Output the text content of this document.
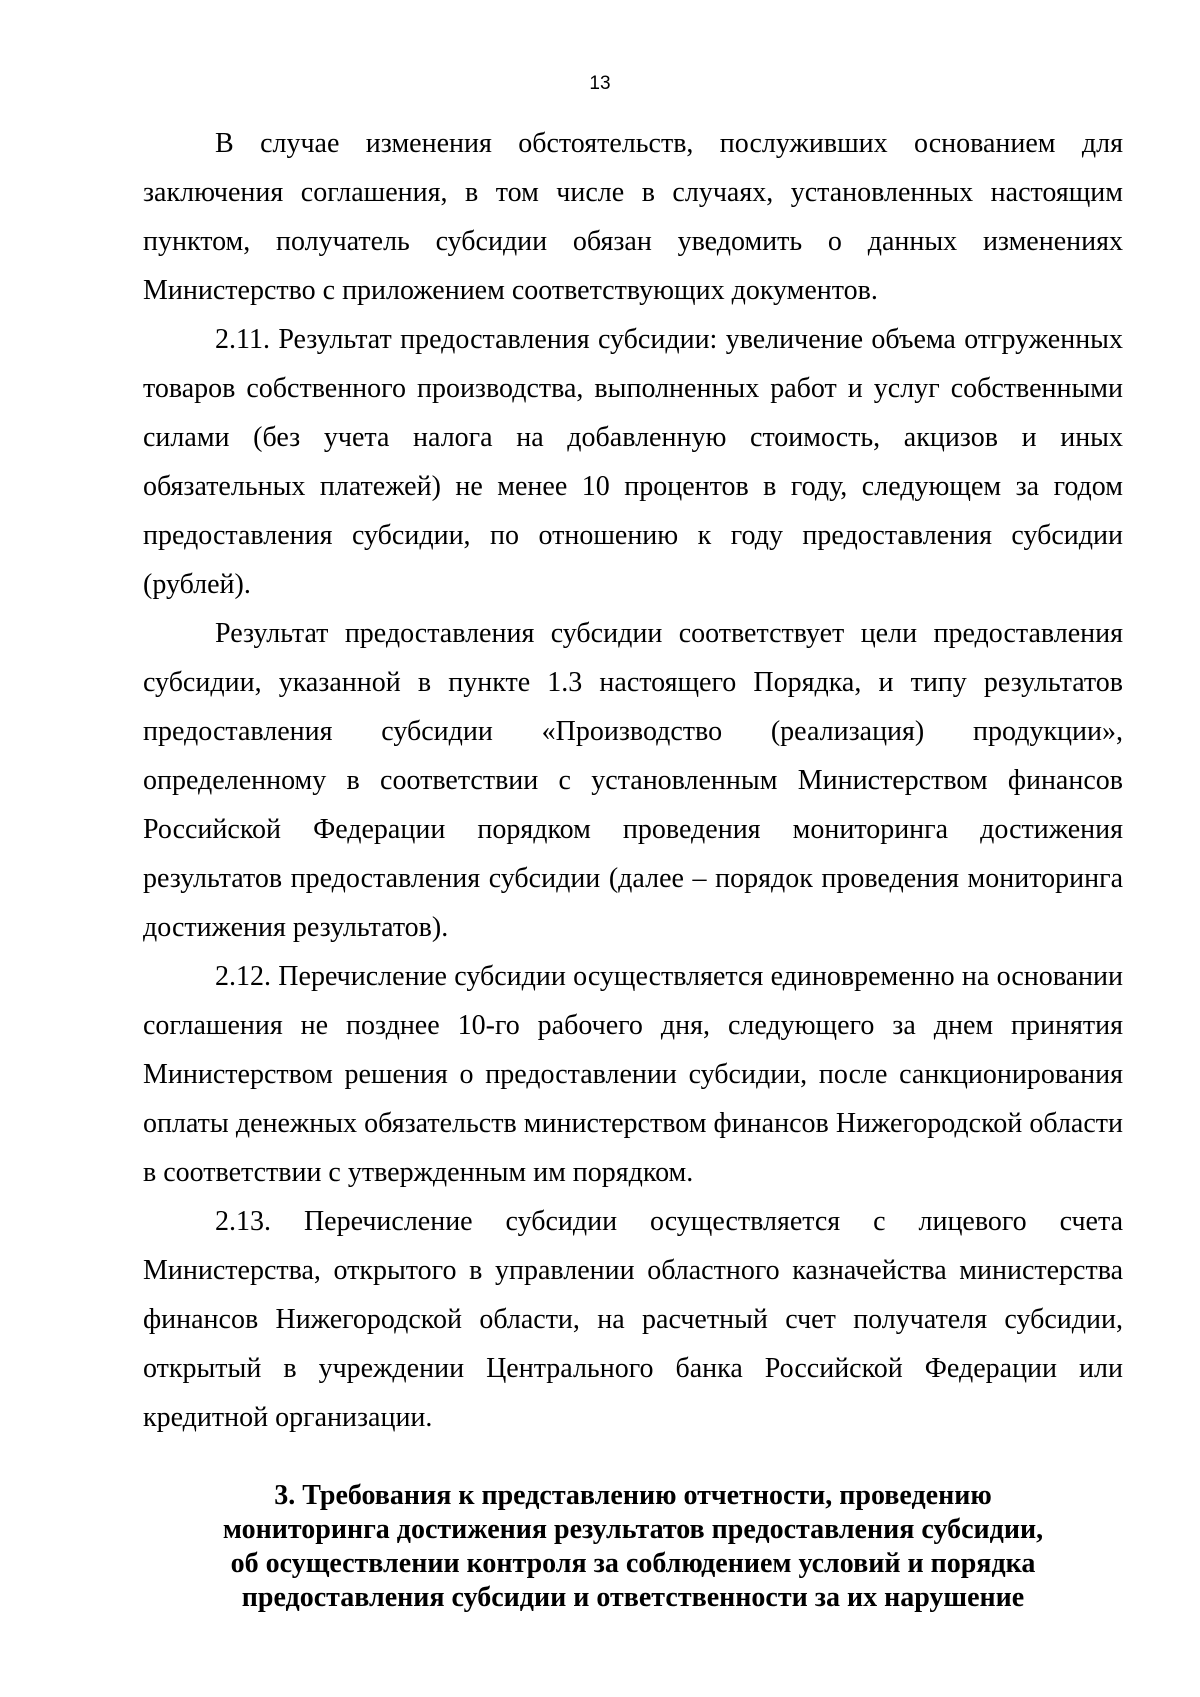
13

В случае изменения обстоятельств, послуживших основанием для заключения соглашения, в том числе в случаях, установленных настоящим пунктом, получатель субсидии обязан уведомить о данных изменениях Министерство с приложением соответствующих документов.

2.11. Результат предоставления субсидии: увеличение объема отгруженных товаров собственного производства, выполненных работ и услуг собственными силами (без учета налога на добавленную стоимость, акцизов и иных обязательных платежей) не менее 10 процентов в году, следующем за годом предоставления субсидии, по отношению к году предоставления субсидии (рублей).

Результат предоставления субсидии соответствует цели предоставления субсидии, указанной в пункте 1.3 настоящего Порядка, и типу результатов предоставления субсидии «Производство (реализация) продукции», определенному в соответствии с установленным Министерством финансов Российской Федерации порядком проведения мониторинга достижения результатов предоставления субсидии (далее – порядок проведения мониторинга достижения результатов).

2.12. Перечисление субсидии осуществляется единовременно на основании соглашения не позднее 10-го рабочего дня, следующего за днем принятия Министерством решения о предоставлении субсидии, после санкционирования оплаты денежных обязательств министерством финансов Нижегородской области в соответствии с утвержденным им порядком.

2.13. Перечисление субсидии осуществляется с лицевого счета Министерства, открытого в управлении областного казначейства министерства финансов Нижегородской области, на расчетный счет получателя субсидии, открытый в учреждении Центрального банка Российской Федерации или кредитной организации.

3. Требования к представлению отчетности, проведению
мониторинга достижения результатов предоставления субсидии,
об осуществлении контроля за соблюдением условий и порядка
предоставления субсидии и ответственности за их нарушение
